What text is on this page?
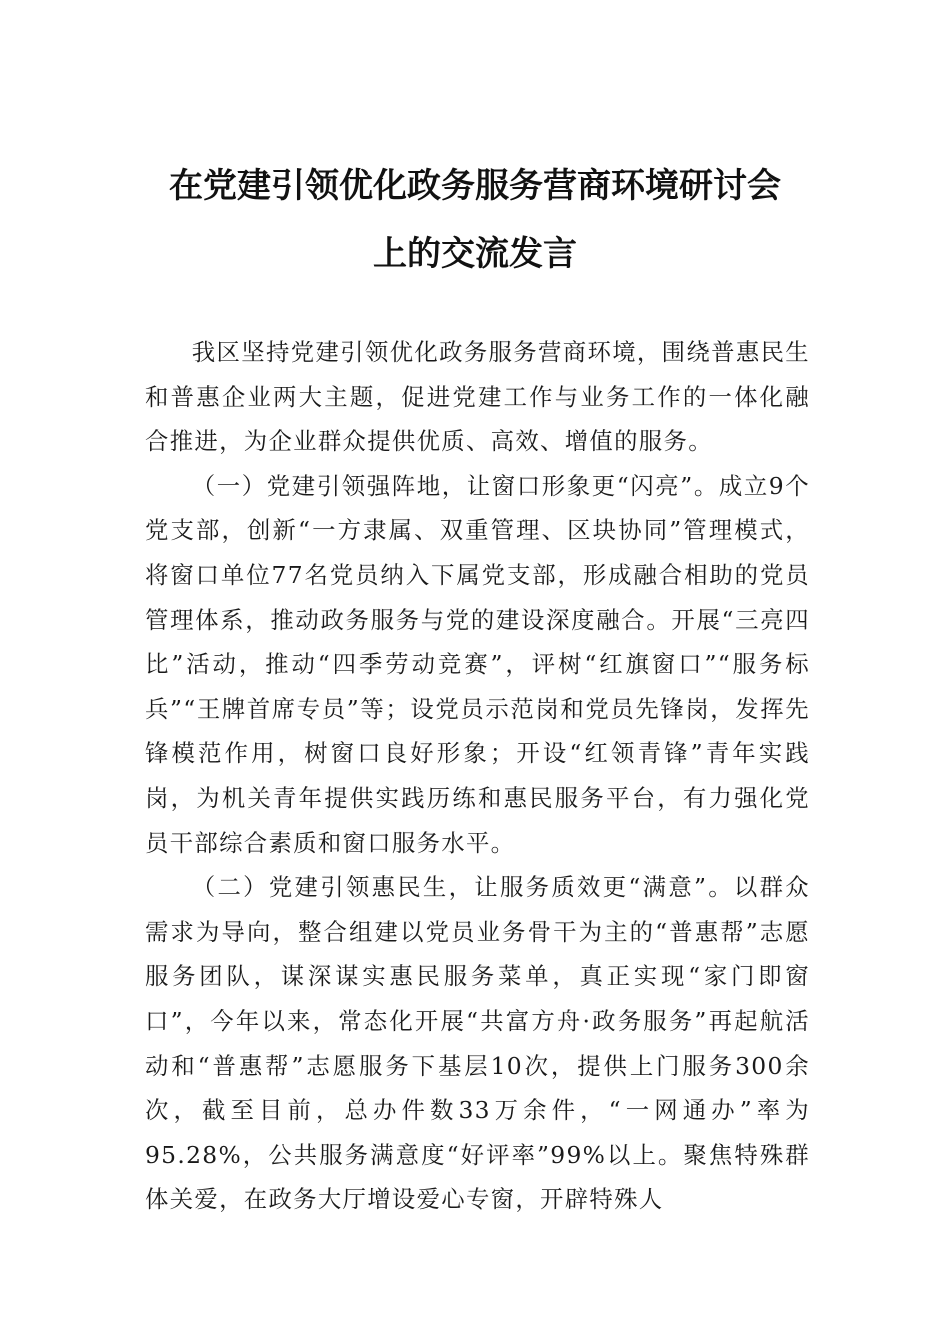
在党建引领优化政务服务营商环境研讨会
上的交流发言

我区坚持党建引领优化政务服务营商环境，围绕普惠民生和普惠企业两大主题，促进党建工作与业务工作的一体化融合推进，为企业群众提供优质、高效、增值的服务。

（一）党建引领强阵地，让窗口形象更“闪亮”。成立9个党支部，创新“一方隶属、双重管理、区块协同”管理模式，将窗口单位77名党员纳入下属党支部，形成融合相助的党员管理体系，推动政务服务与党的建设深度融合。开展“三亮四比”活动，推动“四季劳动竞赛”，评树“红旗窗口”“服务标兵”“王牌首席专员”等；设党员示范岗和党员先锋岗，发挥先锋模范作用，树窗口良好形象；开设“红领青锋”青年实践岗，为机关青年提供实践历练和惠民服务平台，有力强化党员干部综合素质和窗口服务水平。

（二）党建引领惠民生，让服务质效更“满意”。以群众需求为导向，整合组建以党员业务骨干为主的“普惠帮”志愿服务团队，谋深谋实惠民服务菜单，真正实现“家门即窗口”，今年以来，常态化开展“共富方舟·政务服务”再起航活动和“普惠帮”志愿服务下基层10次，提供上门服务300余次，截至目前，总办件数33万余件，“一网通办”率为95.28%，公共服务满意度“好评率”99%以上。聚焦特殊群体关爱，在政务大厅增设爱心专窗，开辟特殊人
